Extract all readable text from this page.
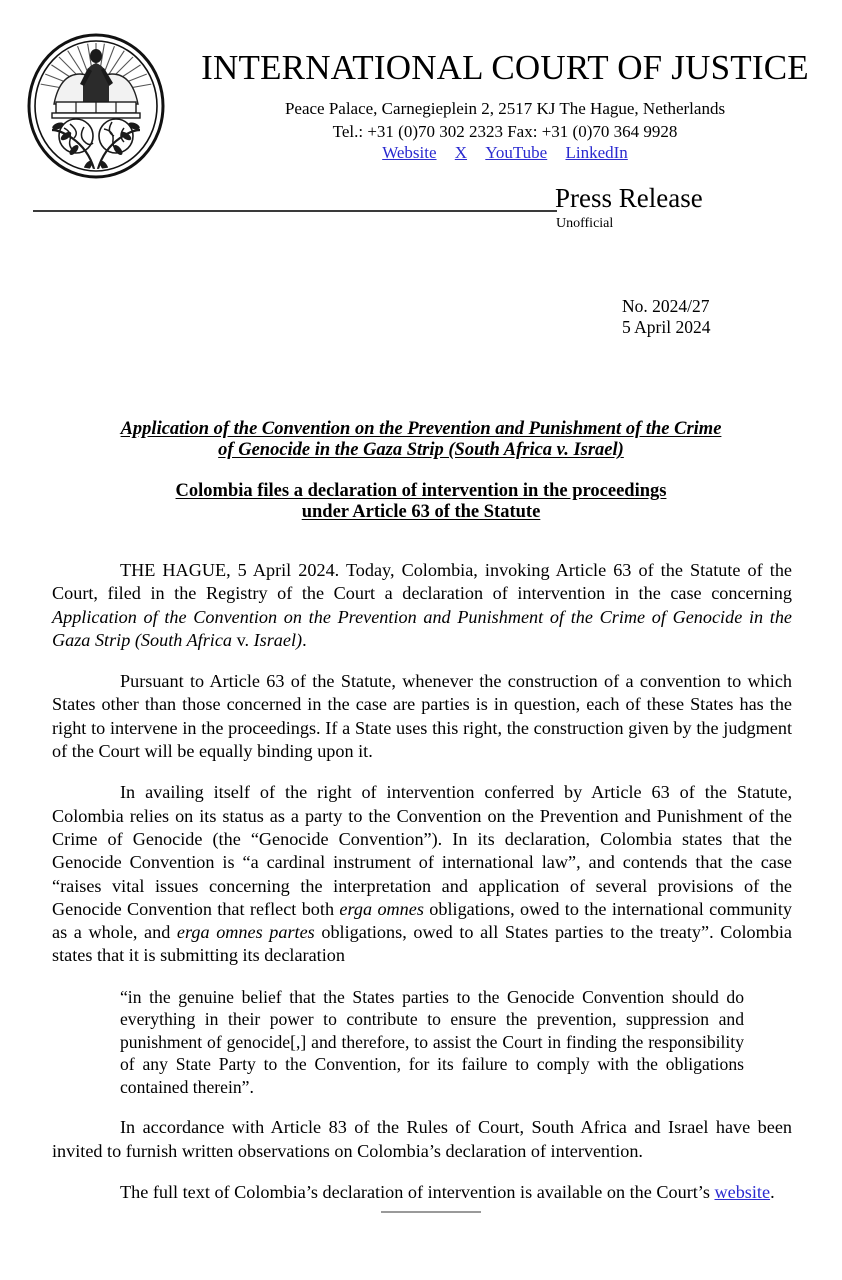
INTERNATIONAL COURT OF JUSTICE
Peace Palace, Carnegieplein 2, 2517 KJ The Hague, Netherlands
Tel.: +31 (0)70 302 2323 Fax: +31 (0)70 364 9928
Website X YouTube LinkedIn
Press Release
Unofficial
No. 2024/27
5 April 2024
Application of the Convention on the Prevention and Punishment of the Crime
of Genocide in the Gaza Strip (South Africa v. Israel)
Colombia files a declaration of intervention in the proceedings
under Article 63 of the Statute

THE HAGUE, 5 April 2024. Today, Colombia, invoking Article 63 of the Statute of the Court, filed in the Registry of the Court a declaration of intervention in the case concerning Application of the Convention on the Prevention and Punishment of the Crime of Genocide in the Gaza Strip (South Africa v. Israel).

Pursuant to Article 63 of the Statute, whenever the construction of a convention to which States other than those concerned in the case are parties is in question, each of these States has the right to intervene in the proceedings. If a State uses this right, the construction given by the judgment of the Court will be equally binding upon it.

In availing itself of the right of intervention conferred by Article 63 of the Statute, Colombia relies on its status as a party to the Convention on the Prevention and Punishment of the Crime of Genocide (the “Genocide Convention”). In its declaration, Colombia states that the Genocide Convention is “a cardinal instrument of international law”, and contends that the case “raises vital issues concerning the interpretation and application of several provisions of the Genocide Convention that reflect both erga omnes obligations, owed to the international community as a whole, and erga omnes partes obligations, owed to all States parties to the treaty”. Colombia states that it is submitting its declaration

“in the genuine belief that the States parties to the Genocide Convention should do everything in their power to contribute to ensure the prevention, suppression and punishment of genocide[,] and therefore, to assist the Court in finding the responsibility of any State Party to the Convention, for its failure to comply with the obligations contained therein”.

In accordance with Article 83 of the Rules of Court, South Africa and Israel have been invited to furnish written observations on Colombia’s declaration of intervention.

The full text of Colombia’s declaration of intervention is available on the Court’s website.
